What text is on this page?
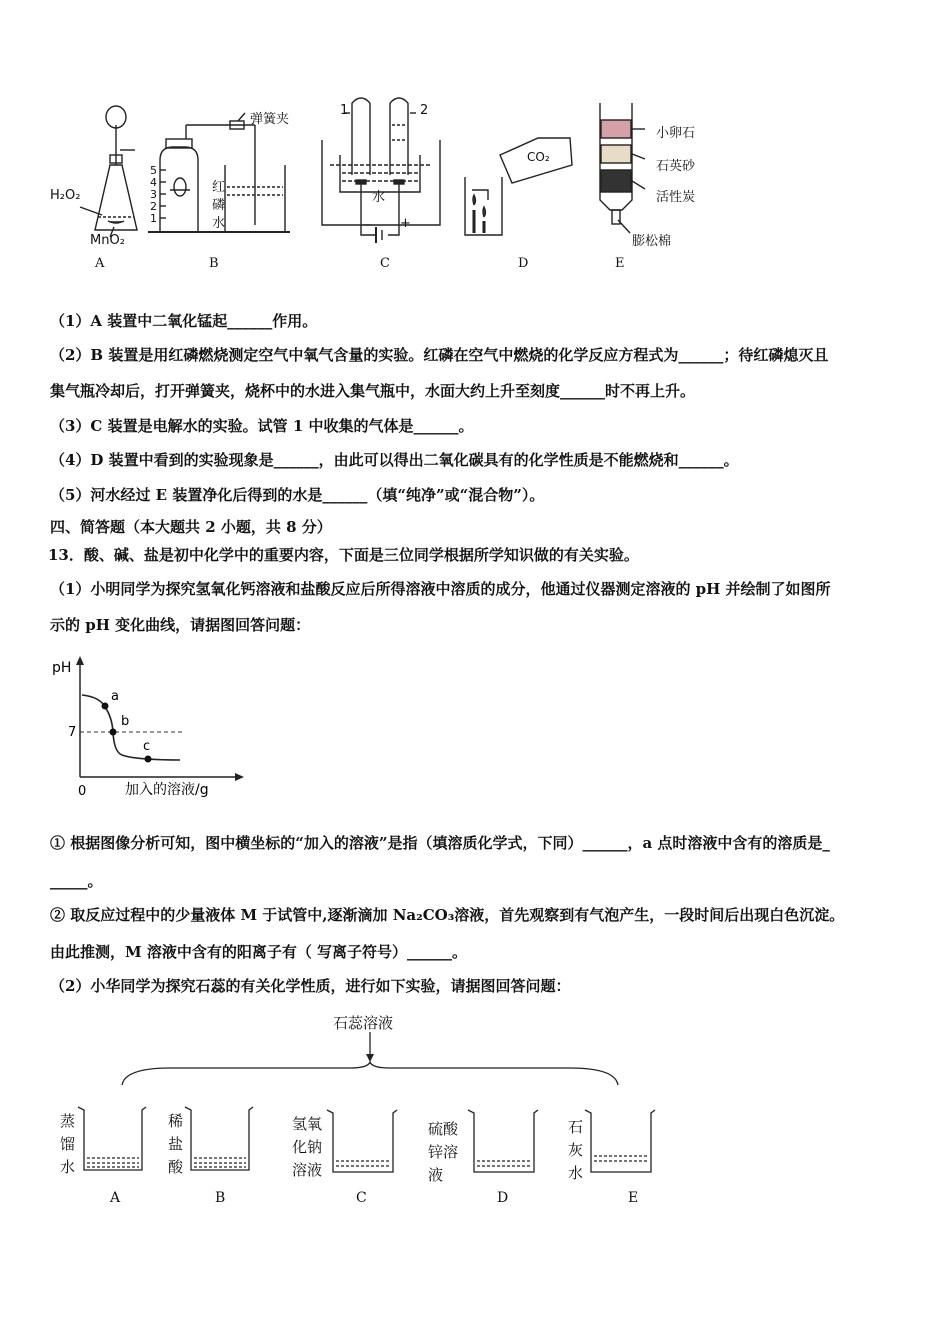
H₂O₂
MnO₂
弹簧夹
5
4
3
2
1
红
磷
水
1	2
水
− +
CO₂
小卵石
石英砂
活性炭
膨松棉
A	B	C	D	E
（1）A 装置中二氧化锰起______作用。
（2）B 装置是用红磷燃烧测定空气中氧气含量的实验。红磷在空气中燃烧的化学反应方程式为______；待红磷熄灭且
集气瓶冷却后，打开弹簧夹，烧杯中的水进入集气瓶中，水面大约上升至刻度______时不再上升。
（3）C 装置是电解水的实验。试管 1 中收集的气体是______。
（4）D 装置中看到的实验现象是______，由此可以得出二氧化碳具有的化学性质是不能燃烧和______。
（5）河水经过 E 装置净化后得到的水是______（填“纯净”或“混合物”）。
四、简答题（本大题共 2 小题，共 8 分）
13．酸、碱、盐是初中化学中的重要内容，下面是三位同学根据所学知识做的有关实验。
（1）小明同学为探究氢氧化钙溶液和盐酸反应后所得溶液中溶质的成分，他通过仪器测定溶液的 pH 并绘制了如图所
示的 pH 变化曲线，请据图回答问题：
pH
7
0
a
b
c
加入的溶液/g
① 根据图像分析可知，图中横坐标的“加入的溶液”是指（填溶质化学式，下同）______，a 点时溶液中含有的溶质是_
_____。
② 取反应过程中的少量液体 M 于试管中,逐渐滴加 Na₂CO₃溶液，首先观察到有气泡产生，一段时间后出现白色沉淀。
由此推测，M 溶液中含有的阳离子有（ 写离子符号）______。
（2）小华同学为探究石蕊的有关化学性质，进行如下实验，请据图回答问题：
石蕊溶液
蒸
馏
水
稀
盐
酸
氢氧
化钠
溶液
硫酸
锌溶
液
石
灰
水
A	B	C	D	E
